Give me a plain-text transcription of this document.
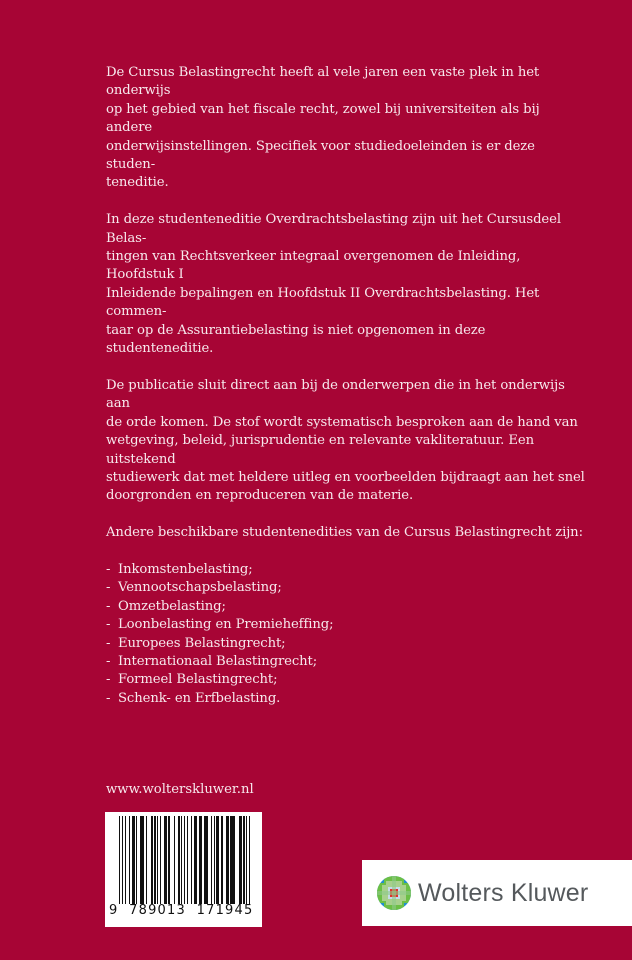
De Cursus Belastingrecht heeft al vele jaren een vaste plek in het onderwijs
op het gebied van het fiscale recht, zowel bij universiteiten als bij andere
onderwijsinstellingen. Specifiek voor studiedoeleinden is er deze studen-
teneditie.
In deze studenteneditie Overdrachtsbelasting zijn uit het Cursusdeel Belas-
tingen van Rechtsverkeer integraal overgenomen de Inleiding, Hoofdstuk I
Inleidende bepalingen en Hoofdstuk II Overdrachtsbelasting. Het commen-
taar op de Assurantiebelasting is niet opgenomen in deze studenteneditie.
De publicatie sluit direct aan bij de onderwerpen die in het onderwijs aan
de orde komen. De stof wordt systematisch besproken aan de hand van
wetgeving, beleid, jurisprudentie en relevante vakliteratuur. Een uitstekend
studiewerk dat met heldere uitleg en voorbeelden bijdraagt aan het snel
doorgronden en reproduceren van de materie.
Andere beschikbare studentenedities van de Cursus Belastingrecht zijn:
- Inkomstenbelasting;
- Vennootschapsbelasting;
- Omzetbelasting;
- Loonbelasting en Premieheffing;
- Europees Belastingrecht;
- Internationaal Belastingrecht;
- Formeel Belastingrecht;
- Schenk- en Erfbelasting.
www.wolterskluwer.nl
9  789013  171945
Wolters Kluwer
